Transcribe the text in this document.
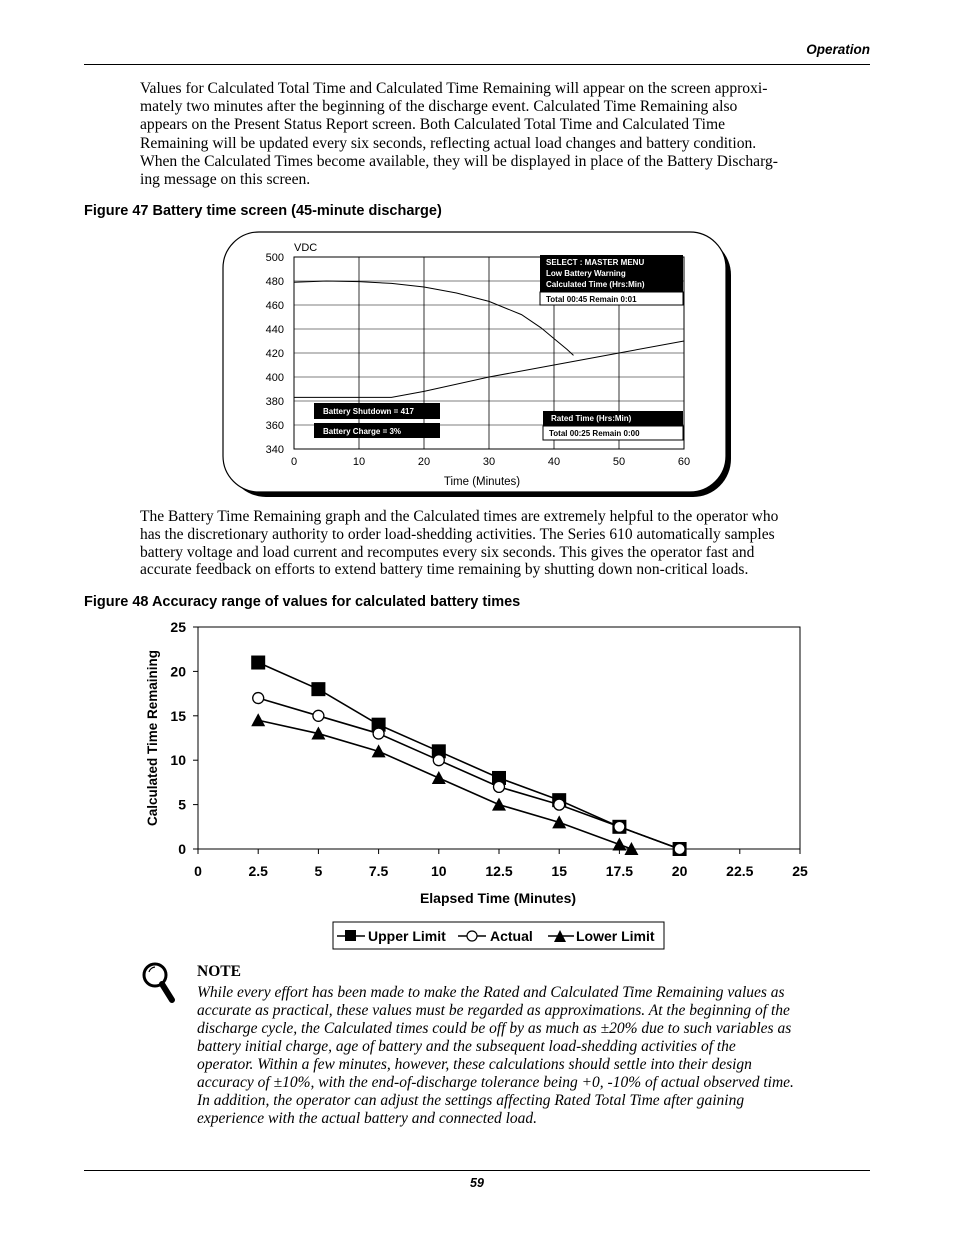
Operation
Values for Calculated Total Time and Calculated Time Remaining will appear on the screen approxi-
mately two minutes after the beginning of the discharge event. Calculated Time Remaining also
appears on the Present Status Report screen. Both Calculated Total Time and Calculated Time
Remaining will be updated every six seconds, reflecting actual load changes and battery condition.
When the Calculated Times become available, they will be displayed in place of the Battery Discharg-
ing message on this screen.
Figure 47 Battery time screen (45-minute discharge)
340
360
380
400
420
440
460
480
500
0	10	20	30	40	50	60
VDC
Time (Minutes)
SELECT : MASTER MENU
Low Battery Warning
Calculated Time (Hrs:Min)
Total 00:45 Remain 0:01
Rated Time (Hrs:Min)
Total 00:25 Remain 0:00
Battery Shutdown = 417
Battery Charge = 3%
The Battery Time Remaining graph and the Calculated times are extremely helpful to the operator who
has the discretionary authority to order load-shedding activities. The Series 610 automatically samples
battery voltage and load current and recomputes every six seconds. This gives the operator fast and
accurate feedback on efforts to extend battery time remaining by shutting down non-critical loads.
Figure 48 Accuracy range of values for calculated battery times
0
5
10
15
20
25
0	2.5	5	7.5	10	12.5	15	17.5	20	22.5	25
Elapsed Time (Minutes)
Calculated Time Remaining
Upper Limit	Actual	Lower Limit
NOTE
While every effort has been made to make the Rated and Calculated Time Remaining values as
accurate as practical, these values must be regarded as approximations. At the beginning of the
discharge cycle, the Calculated times could be off by as much as ±20% due to such variables as
battery initial charge, age of battery and the subsequent load-shedding activities of the
operator. Within a few minutes, however, these calculations should settle into their design
accuracy of ±10%, with the end-of-discharge tolerance being +0, -10% of actual observed time.
In addition, the operator can adjust the settings affecting Rated Total Time after gaining
experience with the actual battery and connected load.
59
